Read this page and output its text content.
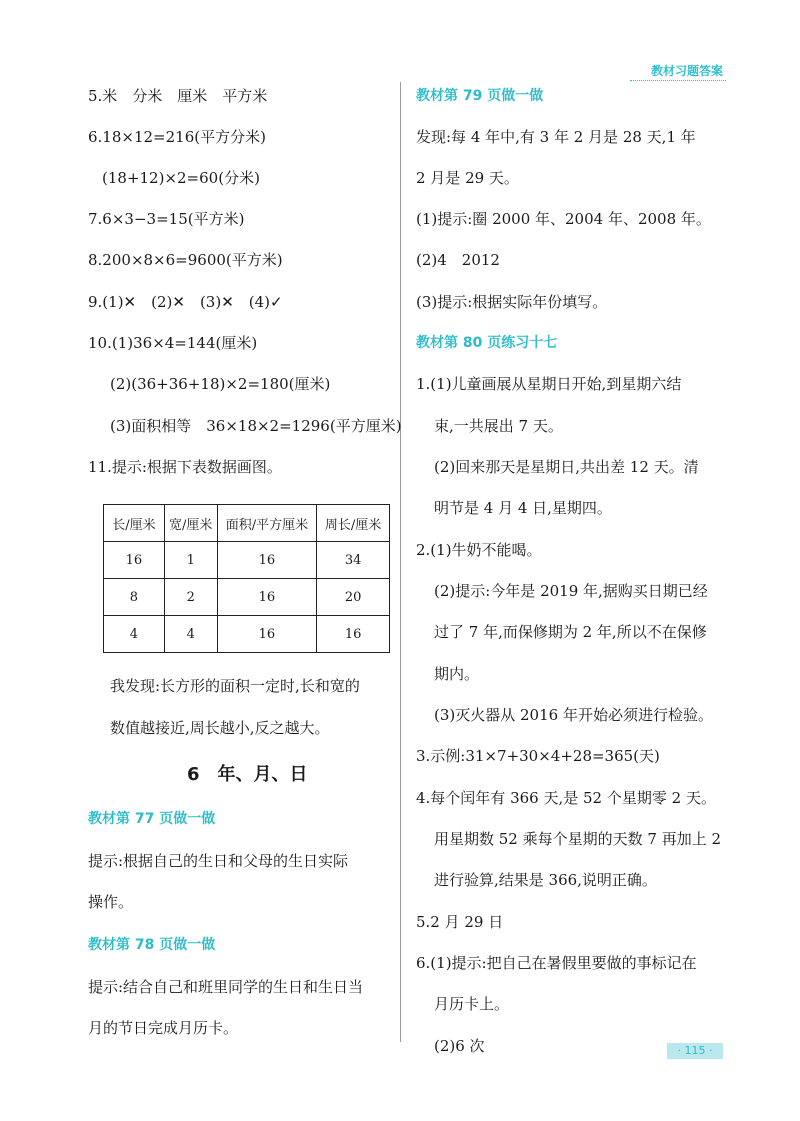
教材习题答案
5.米　分米　厘米　平方米
6.18×12=216(平方分米)
(18+12)×2=60(分米)
7.6×3−3=15(平方米)
8.200×8×6=9600(平方米)
9.(1)✕　(2)✕　(3)✕　(4)✓
10.(1)36×4=144(厘米)
(2)(36+36+18)×2=180(厘米)
(3)面积相等　36×18×2=1296(平方厘米)
11.提示:根据下表数据画图。
长/厘米	宽/厘米	面积/平方厘米	周长/厘米
16	1	16	34
8	2	16	20
4	4	16	16
我发现:长方形的面积一定时,长和宽的
数值越接近,周长越小,反之越大。
6　年、月、日
教材第 77 页做一做
提示:根据自己的生日和父母的生日实际
操作。
教材第 78 页做一做
提示:结合自己和班里同学的生日和生日当
月的节日完成月历卡。
教材第 79 页做一做
发现:每 4 年中,有 3 年 2 月是 28 天,1 年
2 月是 29 天。
(1)提示:圈 2000 年、2004 年、2008 年。
(2)4　2012
(3)提示:根据实际年份填写。
教材第 80 页练习十七
1.(1)儿童画展从星期日开始,到星期六结
束,一共展出 7 天。
(2)回来那天是星期日,共出差 12 天。清
明节是 4 月 4 日,星期四。
2.(1)牛奶不能喝。
(2)提示:今年是 2019 年,据购买日期已经
过了 7 年,而保修期为 2 年,所以不在保修
期内。
(3)灭火器从 2016 年开始必须进行检验。
3.示例:31×7+30×4+28=365(天)
4.每个闰年有 366 天,是 52 个星期零 2 天。
用星期数 52 乘每个星期的天数 7 再加上 2
进行验算,结果是 366,说明正确。
5.2 月 29 日
6.(1)提示:把自己在暑假里要做的事标记在
月历卡上。
(2)6 次	· 115 ·
